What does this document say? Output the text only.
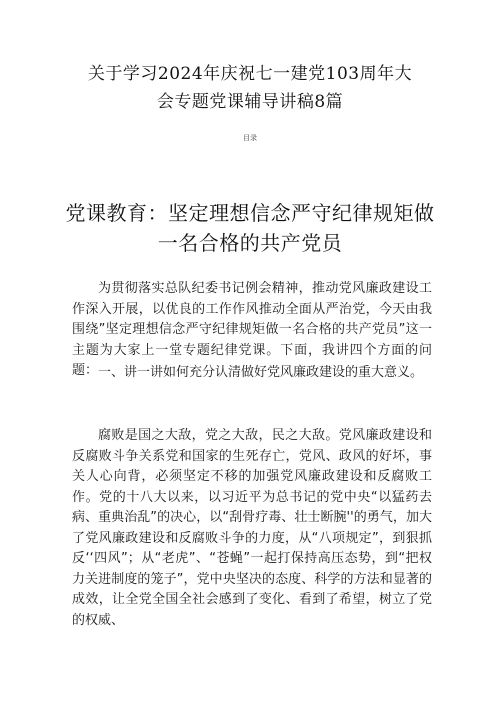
关于学习2024年庆祝七一建党103周年大
会专题党课辅导讲稿8篇
目录
党课教育：坚定理想信念严守纪律规矩做
一名合格的共产党员

为贯彻落实总队纪委书记例会精神，推动党风廉政建设工作深入开展，以优良的工作作风推动全面从严治党，今天由我围绕”坚定理想信念严守纪律规矩做一名合格的共产党员”这一主题为大家上一堂专题纪律党课。下面，我讲四个方面的问题： 一、讲一讲如何充分认清做好党风廉政建设的重大意义。

腐败是国之大敌，党之大敌，民之大敌。党风廉政建设和反腐败斗争关系党和国家的生死存亡，党风、政风的好坏，事关人心向背，必须坚定不移的加强党风廉政建设和反腐败工作。党的十八大以来，以习近平为总书记的党中央“以猛药去病、重典治乱”的决心，以“刮骨疗毒、壮士断腕''的勇气，加大了党风廉政建设和反腐败斗争的力度，从“八项规定”，到狠抓反‘‘四风”；从“老虎”、“苍蝇”一起打保持高压态势，到“把权力关进制度的笼子”，党中央坚决的态度、科学的方法和显著的成效，让全党全国全社会感到了变化、看到了希望，树立了党的权威、
